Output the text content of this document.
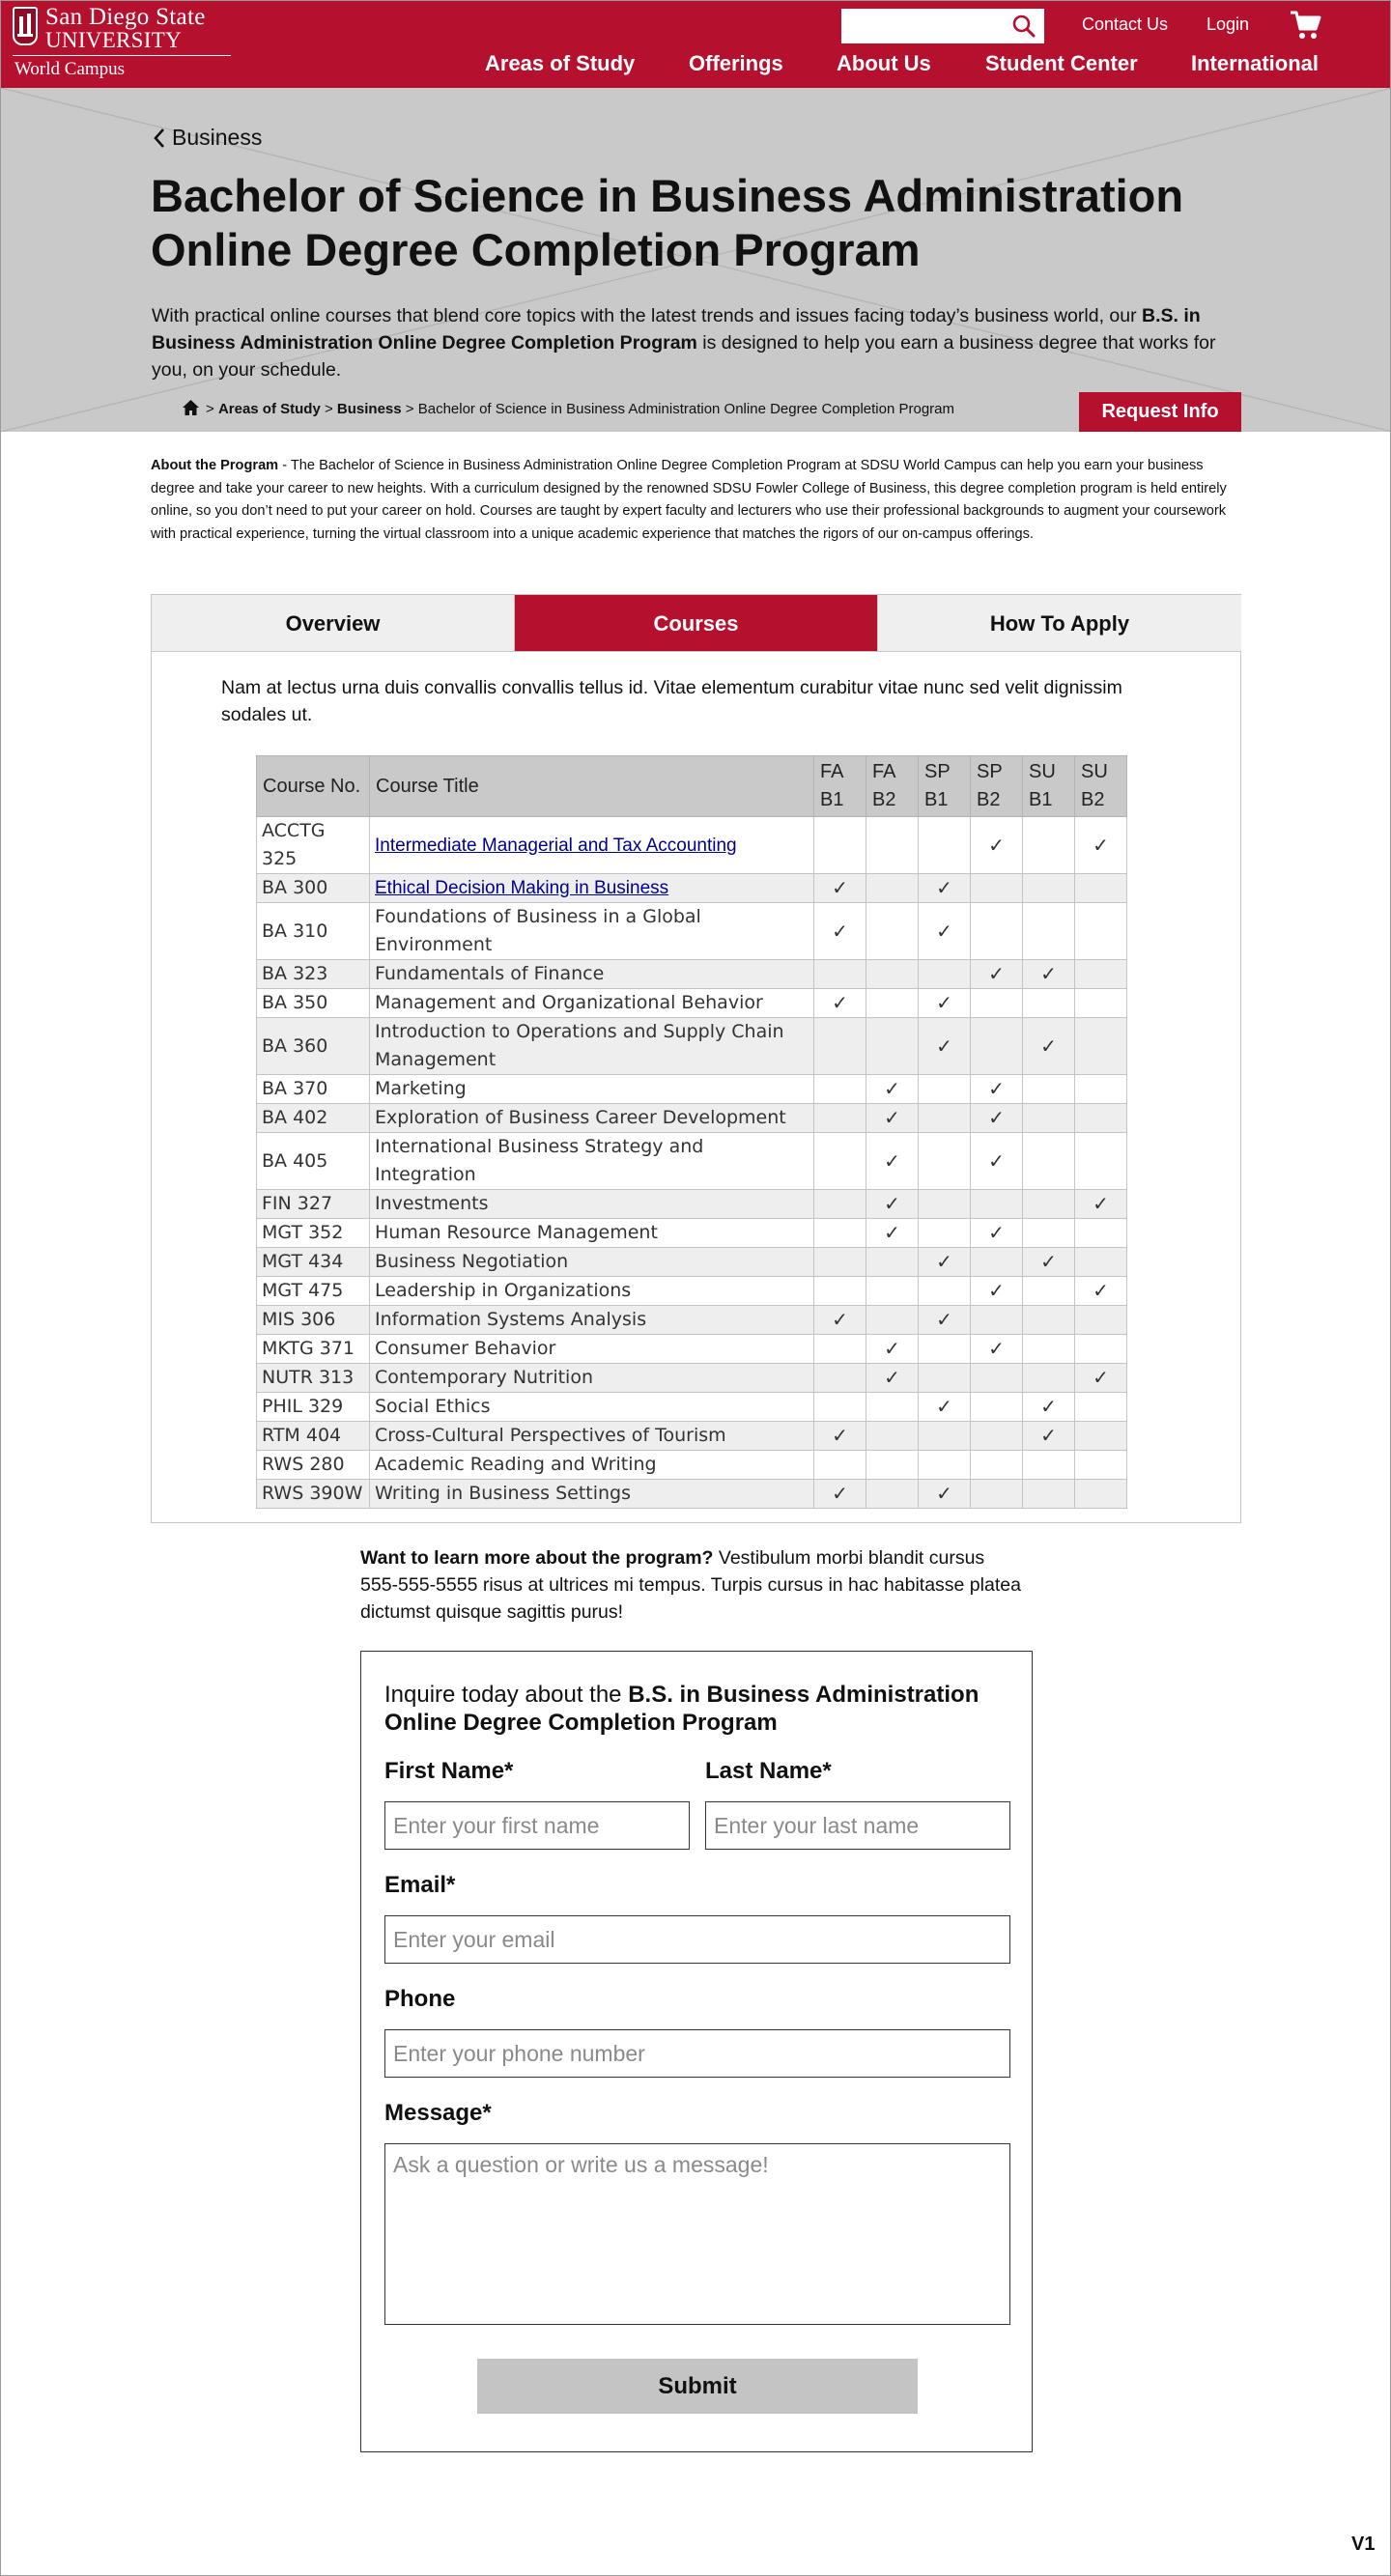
San Diego State
UNIVERSITY
World Campus
Contact Us Login
Areas of Study	Offerings	About Us	Student Center	International
Business
Bachelor of Science in Business Administration Online Degree Completion Program

With practical online courses that blend core topics with the latest trends and issues facing today’s business world, our B.S. in Business Administration Online Degree Completion Program is designed to help you earn a business degree that works for you, on your schedule.

> Areas of Study > Business > Bachelor of Science in Business Administration Online Degree Completion Program	Request Info

About the Program - The Bachelor of Science in Business Administration Online Degree Completion Program at SDSU World Campus can help you earn your business degree and take your career to new heights. With a curriculum designed by the renowned SDSU Fowler College of Business, this degree completion program is held entirely online, so you don’t need to put your career on hold. Courses are taught by expert faculty and lecturers who use their professional backgrounds to augment your coursework with practical experience, turning the virtual classroom into a unique academic experience that matches the rigors of our on-campus offerings.

Overview	Courses	How To Apply

Nam at lectus urna duis convallis convallis tellus id. Vitae elementum curabitur vitae nunc sed velit dignissim sodales ut.

Course No.	Course Title	FA B1	FA B2	SP B1	SP B2	SU B1	SU B2
ACCTG 325	Intermediate Managerial and Tax Accounting				✓		✓
BA 300	Ethical Decision Making in Business	✓		✓			
BA 310	Foundations of Business in a Global Environment	✓		✓			
BA 323	Fundamentals of Finance				✓	✓	
BA 350	Management and Organizational Behavior	✓		✓			
BA 360	Introduction to Operations and Supply Chain Management			✓		✓	
BA 370	Marketing		✓		✓		
BA 402	Exploration of Business Career Development		✓		✓		
BA 405	International Business Strategy and Integration		✓		✓		
FIN 327	Investments		✓				✓
MGT 352	Human Resource Management		✓		✓		
MGT 434	Business Negotiation			✓		✓	
MGT 475	Leadership in Organizations				✓		✓
MIS 306	Information Systems Analysis	✓		✓			
MKTG 371	Consumer Behavior		✓		✓		
NUTR 313	Contemporary Nutrition		✓				✓
PHIL 329	Social Ethics			✓		✓	
RTM 404	Cross-Cultural Perspectives of Tourism	✓				✓	
RWS 280	Academic Reading and Writing						
RWS 390W	Writing in Business Settings	✓		✓			

Want to learn more about the program? Vestibulum morbi blandit cursus 555-555-5555 risus at ultrices mi tempus. Turpis cursus in hac habitasse platea dictumst quisque sagittis purus!

Inquire today about the B.S. in Business Administration Online Degree Completion Program
First Name*
Enter your first name	Last Name*
Enter your last name
Email*
Enter your email
Phone
Enter your phone number
Message*
Ask a question or write us a message!
Submit
V1
